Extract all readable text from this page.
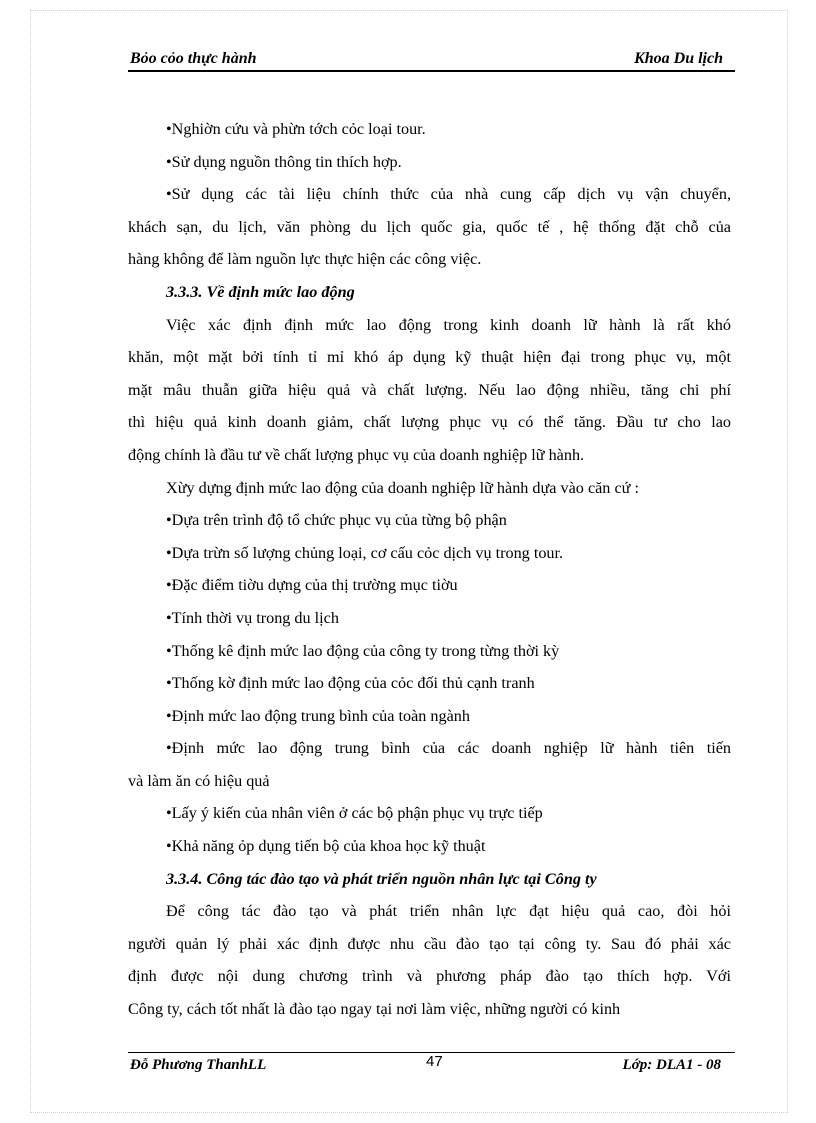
Bỏo cỏo thực hành	Khoa Du lịch
•Nghiờn cứu và phừn tớch cỏc loại tour.
•Sử dụng nguồn thông tin thích hợp.
•Sử dụng các tài liệu chính thức của nhà cung cấp dịch vụ vận chuyển,
khách sạn, du lịch, văn phòng du lịch quốc gia, quốc tế , hệ thống đặt chỗ của
hàng không để làm nguồn lực thực hiện các công việc.
3.3.3. Về định mức lao động
Việc xác định định mức lao động trong kinh doanh lữ hành là rất khó
khăn, một mặt bởi tính tỉ mỉ khó áp dụng kỹ thuật hiện đại trong phục vụ, một
mặt mâu thuẫn giữa hiệu quả và chất lượng. Nếu lao động nhiều, tăng chi phí
thì hiệu quả kinh doanh giảm, chất lượng phục vụ có thể tăng. Đầu tư cho lao
động chính là đầu tư về chất lượng phục vụ của doanh nghiệp lữ hành.
Xừy dựng định mức lao động của doanh nghiệp lữ hành dựa vào căn cứ :
•Dựa trên trình độ tổ chức phục vụ của từng bộ phận
•Dựa trừn số lượng chủng loại, cơ cấu cỏc dịch vụ trong tour.
•Đặc điểm tiờu dựng của thị trường mục tiờu
•Tính thời vụ trong du lịch
•Thống kê định mức lao động của công ty trong từng thời kỳ
•Thống kờ định mức lao động của cỏc đối thủ cạnh tranh
•Định mức lao động trung bình của toàn ngành
•Định mức lao động trung bình của các doanh nghiệp lữ hành tiên tiến
và làm ăn có hiệu quả
•Lấy ý kiến của nhân viên ở các bộ phận phục vụ trực tiếp
•Khả năng ỏp dụng tiến bộ của khoa học kỹ thuật
3.3.4. Công tác đào tạo và phát triển nguồn nhân lực tại Công ty
Để công tác đào tạo và phát triển nhân lực đạt hiệu quả cao, đòi hỏi
người quản lý phải xác định được nhu cầu đào tạo tại công ty. Sau đó phải xác
định được nội dung chương trình và phương pháp đào tạo thích hợp. Với
Công ty, cách tốt nhất là đào tạo ngay tại nơi làm việc, những người có kinh
Đỗ Phương ThanhLL	47	Lớp: DLA1 - 08
